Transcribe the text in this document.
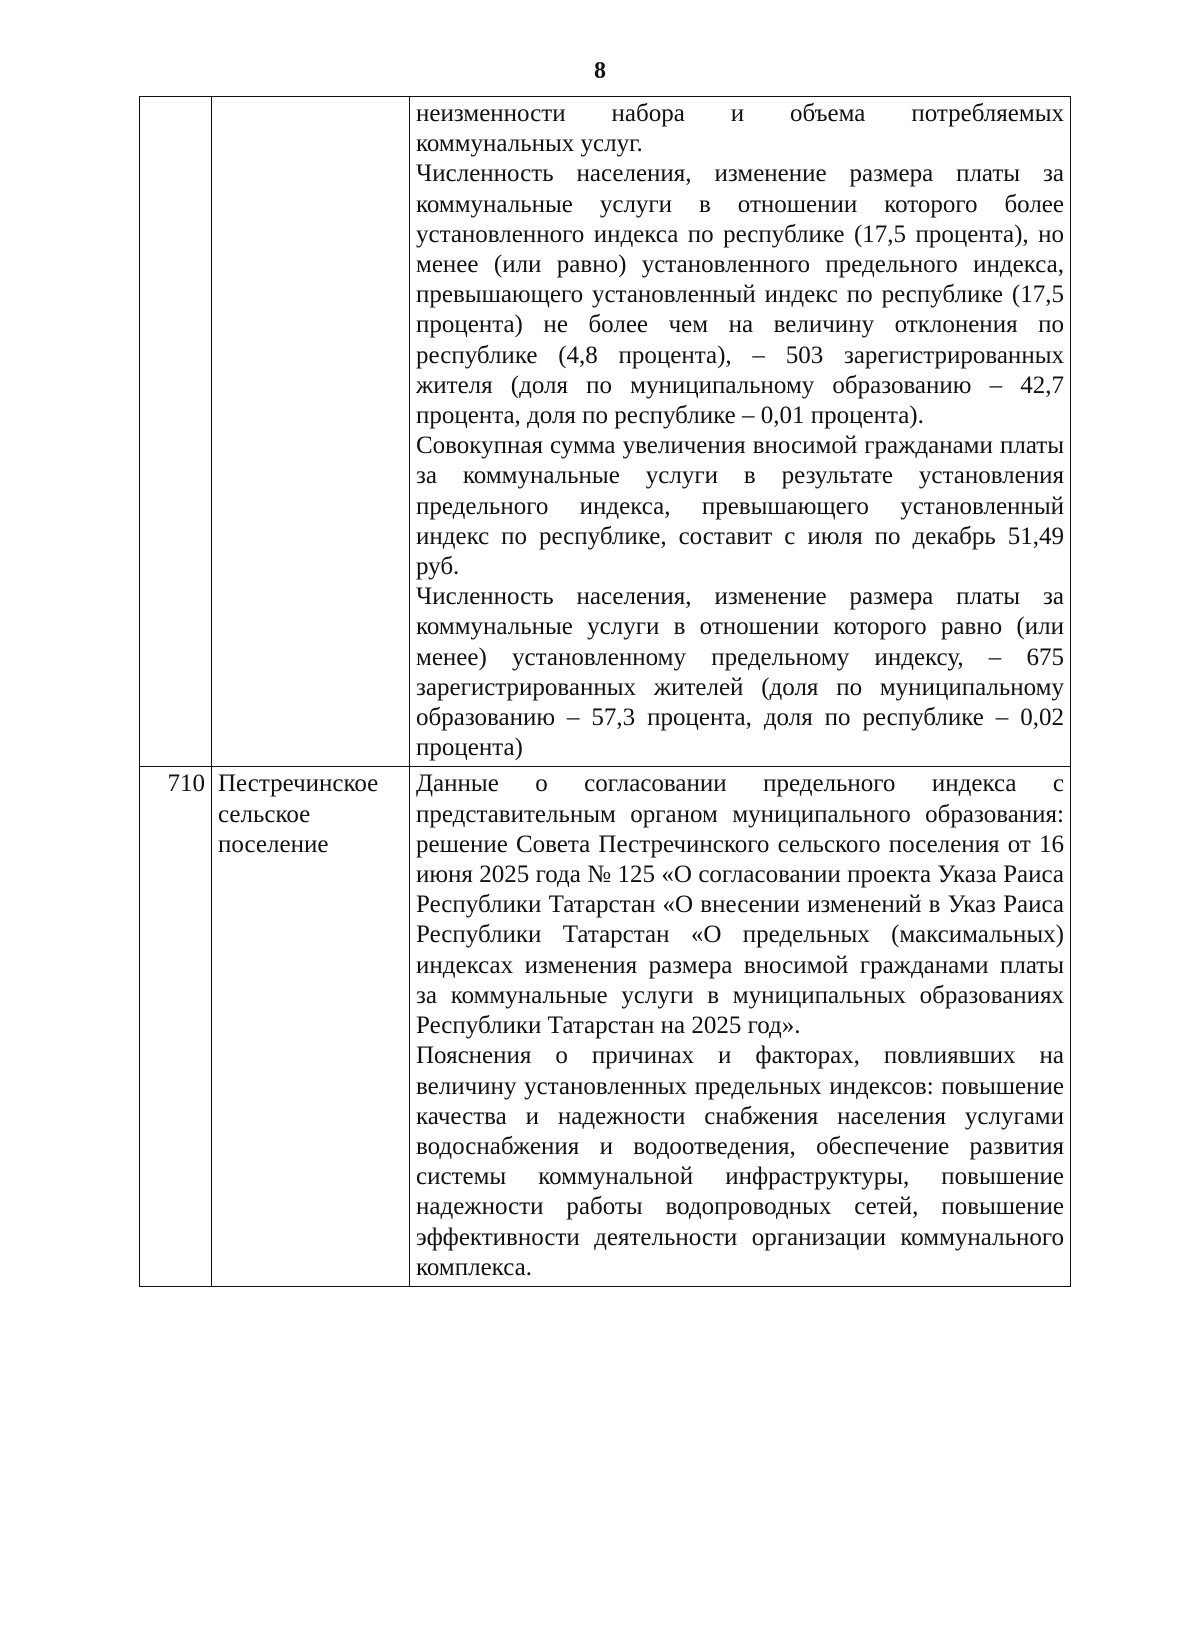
8

		неизменности набора и объема потребляемых коммунальных услуг.

Численность населения, изменение размера платы за коммунальные услуги в отношении которого более установленного индекса по республике (17,5 процента), но менее (или равно) установленного предельного индекса, превышающего установленный индекс по республике (17,5 процента) не более чем на величину отклонения по республике (4,8 процента), – 503 зарегистрированных жителя (доля по муниципальному образованию – 42,7 процента, доля по республике – 0,01 процента).

Совокупная сумма увеличения вносимой гражданами платы за коммунальные услуги в результате установления предельного индекса, превышающего установленный индекс по республике, составит с июля по декабрь 51,49 руб.

Численность населения, изменение размера платы за коммунальные услуги в отношении которого равно (или менее) установленному предельному индексу, – 675 зарегистрированных жителей (доля по муниципальному образованию – 57,3 процента, доля по республике – 0,02 процента)

710	Пестречинское сельское поселение	Данные о согласовании предельного индекса с представительным органом муниципального образования: решение Совета Пестречинского сельского поселения от 16 июня 2025 года № 125 «О согласовании проекта Указа Раиса Республики Татарстан «О внесении изменений в Указ Раиса Республики Татарстан «О предельных (максимальных) индексах изменения размера вносимой гражданами платы за коммунальные услуги в муниципальных образованиях Республики Татарстан на 2025 год».

Пояснения о причинах и факторах, повлиявших на величину установленных предельных индексов: повышение качества и надежности снабжения населения услугами водоснабжения и водоотведения, обеспечение развития системы коммунальной инфраструктуры, повышение надежности работы водопроводных сетей, повышение эффективности деятельности организации коммунального комплекса.
